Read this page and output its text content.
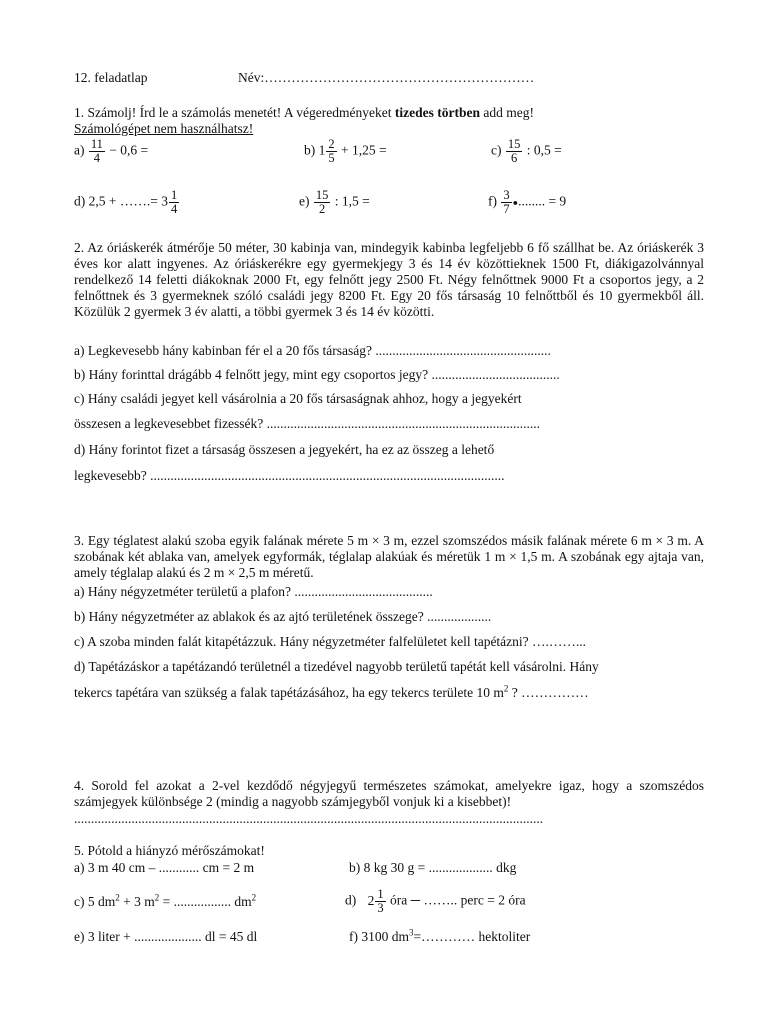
12. feladatlap	Név:……………………………………………………
1. Számolj! Írd le a számolás menetét! A végeredményeket tizedes törtben add meg!
Számológépet nem használhatsz!
$a) \frac{11}{4} - 0,6$ =	b) $1 \frac{2}{5} + 1,25$ =	$c) \frac{15}{6}$ : 0,5 =
d) 2,5 + …….= $3 \frac{1}{4}$	$e) \frac{15}{2}$ : 1,5 =	$f) \frac{3}{7}$ ●........ = 9
2. Az óriáskerék átmérője 50 méter, 30 kabinja van, mindegyik kabinba legfeljebb 6 fő szállhat be. Az óriáskerék 3 éves kor alatt ingyenes. Az óriáskerékre egy gyermekjegy 3 és 14 év közöttieknek 1500 Ft, diákigazolvánnyal rendelkező 14 feletti diákoknak 2000 Ft, egy felnőtt jegy 2500 Ft. Négy felnőttnek 9000 Ft a csoportos jegy, a 2 felnőttnek és 3 gyermeknek szóló családi jegy 8200 Ft. Egy 20 fős társaság 10 felnőttből és 10 gyermekből áll. Közülük 2 gyermek 3 év alatti, a többi gyermek 3 és 14 év közötti.
a) Legkevesebb hány kabinban fér el a 20 fős társaság? ....................................................
b) Hány forinttal drágább 4 felnőtt jegy, mint egy csoportos jegy? ......................................
c) Hány családi jegyet kell vásárolnia a 20 fős társaságnak ahhoz, hogy a jegyekért
összesen a legkevesebbet fizessék? .................................................................................
d) Hány forintot fizet a társaság összesen a jegyekért, ha ez az összeg a lehető
legkevesebb? .........................................................................................................
3. Egy téglatest alakú szoba egyik falának mérete 5 m × 3 m, ezzel szomszédos másik falának mérete 6 m × 3 m. A szobának két ablaka van, amelyek egyformák, téglalap alakúak és méretük 1 m × 1,5 m. A szobának egy ajtaja van, amely téglalap alakú és 2 m × 2,5 m méretű.
a) Hány négyzetméter területű a plafon? .........................................
b) Hány négyzetméter az ablakok és az ajtó területének összege? ...................
c) A szoba minden falát kitapétázzuk. Hány négyzetméter falfelületet kell tapétázni? ….……...
d) Tapétázáskor a tapétázandó területnél a tizedével nagyobb területű tapétát kell vásárolni. Hány
tekercs tapétára van szükség a falak tapétázásához, ha egy tekercs területe 10 $m^2$ ? ……………
4. Sorold fel azokat a 2-vel kezdődő négyjegyű természetes számokat, amelyekre igaz, hogy a szomszédos számjegyek különbsége 2 (mindig a nagyobb számjegyből vonjuk ki a kisebbet)!
...........................................................................................................................................
5. Pótold a hiányzó mérőszámokat!
a) 3 m 40 cm – ............ cm = 2 m	b) 8 kg 30 g = ................... dkg
c) 5 $dm^2 + 3$ $m^2$ = ................. $dm^2$	d) $2 \frac{1}{3}$ óra ─ …….. perc = 2 óra
e) 3 liter + .................... dl = 45 dl	f) 3100 $dm^3=\dots\dots\dots\dots$ hektoliter
